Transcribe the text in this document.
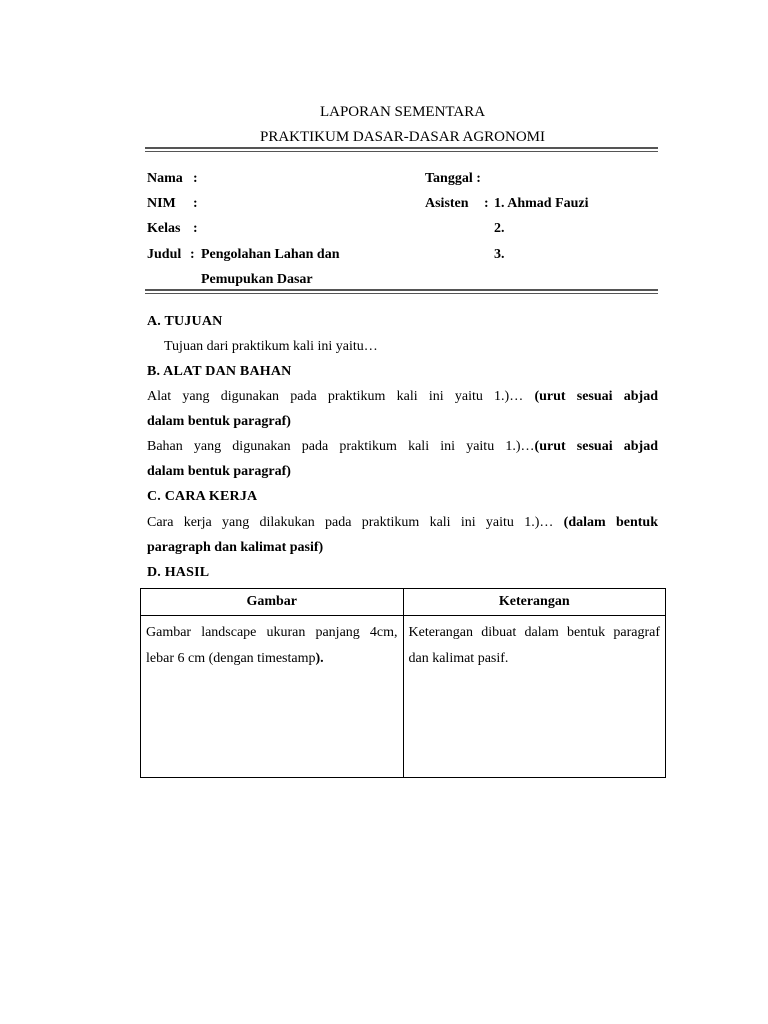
LAPORAN SEMENTARA
PRAKTIKUM DASAR-DASAR AGRONOMI
Nama :
NIM :
Kelas :
Judul : Pengolahan Lahan dan
Pemupukan Dasar
Tanggal :
Asisten : 1. Ahmad Fauzi
2.
3.
A. TUJUAN
Tujuan dari praktikum kali ini yaitu…
B. ALAT DAN BAHAN
Alat yang digunakan pada praktikum kali ini yaitu 1.)… (urut sesuai abjad
dalam bentuk paragraf)
Bahan yang digunakan pada praktikum kali ini yaitu 1.)…(urut sesuai abjad
dalam bentuk paragraf)
C. CARA KERJA
Cara kerja yang dilakukan pada praktikum kali ini yaitu 1.)… (dalam bentuk
paragraph dan kalimat pasif)
D. HASIL
Gambar	Keterangan
Gambar landscape ukuran panjang 4cm, lebar 6 cm (dengan timestamp).	Keterangan dibuat dalam bentuk paragraf dan kalimat pasif.
